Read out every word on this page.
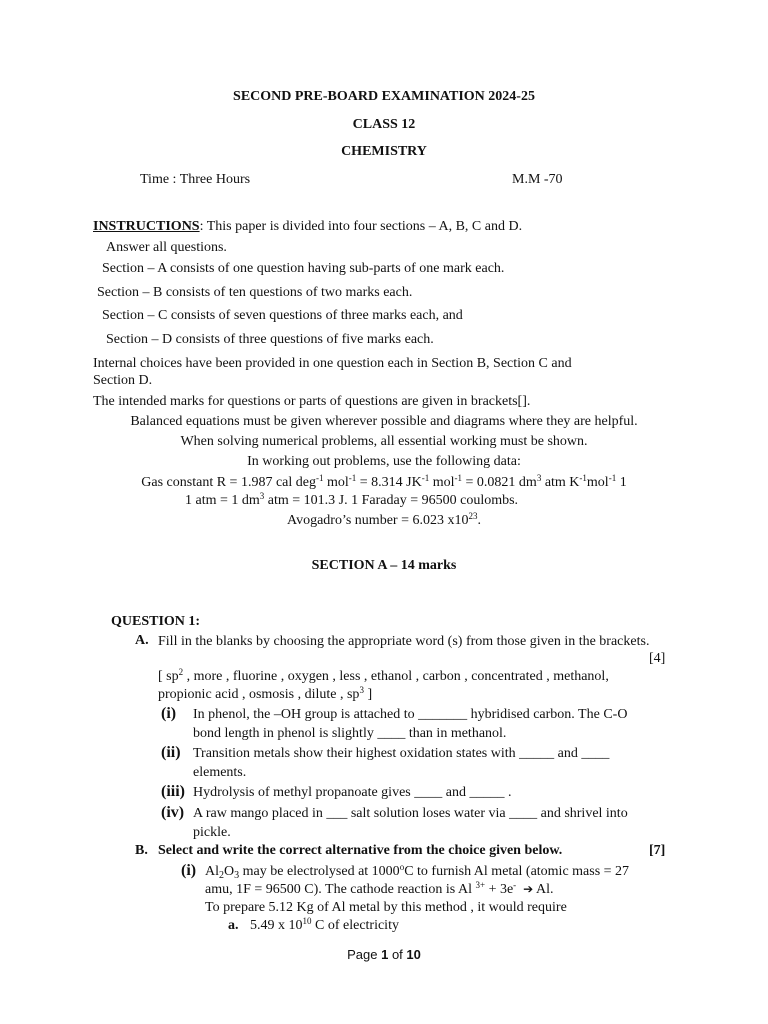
SECOND PRE-BOARD EXAMINATION 2024-25
CLASS 12
CHEMISTRY
Time : Three Hours	M.M -70
INSTRUCTIONS: This paper is divided into four sections – A, B, C and D.
Answer all questions.
Section – A consists of one question having sub-parts of one mark each.
Section – B consists of ten questions of two marks each.
Section – C consists of seven questions of three marks each, and
Section – D consists of three questions of five marks each.
Internal choices have been provided in one question each in Section B, Section C and
Section D.
The intended marks for questions or parts of questions are given in brackets[].
Balanced equations must be given wherever possible and diagrams where they are helpful.
When solving numerical problems, all essential working must be shown.
In working out problems, use the following data:
Gas constant R = 1.987 cal deg$^{-1}$ mol$^{-1}$ = 8.314 $JK^{-1}$ mol$^{-1}$ = 0.0821 $dm^3$ atm $K^{-1}mol^{-1}$ 1
1 atm = 1 $dm^3$ atm = 101.3 J. 1 Faraday = 96500 coulombs.
Avogadro’s number = 6.023 $x10^{23}$.
SECTION A – 14 marks
QUESTION 1:
A. Fill in the blanks by choosing the appropriate word (s) from those given in the brackets.
[4]
[ $sp^2$ , more , fluorine , oxygen , less , ethanol , carbon , concentrated , methanol,
propionic acid , osmosis , dilute , $sp^3$ ]
(i) In phenol, the –OH group is attached to _______ hybridised carbon. The C-O
bond length in phenol is slightly ____ than in methanol.
(ii) Transition metals show their highest oxidation states with _____ and ____
elements.
(iii) Hydrolysis of methyl propanoate gives ____ and _____ .
(iv) A raw mango placed in ___ salt solution loses water via ____ and shrivel into
pickle.
B. Select and write the correct alternative from the choice given below.	[7]
(i) $Al_2O_3$ may be electrolysed at 1000$^o$C to furnish Al metal (atomic mass = 27
amu, 1F = 96500 C). The cathode reaction is Al $^{3+}$ + 3e- ➔ Al.
To prepare 5.12 Kg of Al metal by this method , it would require
a. 5.49 x $10^{10}$ C of electricity
Page 1 of 10
